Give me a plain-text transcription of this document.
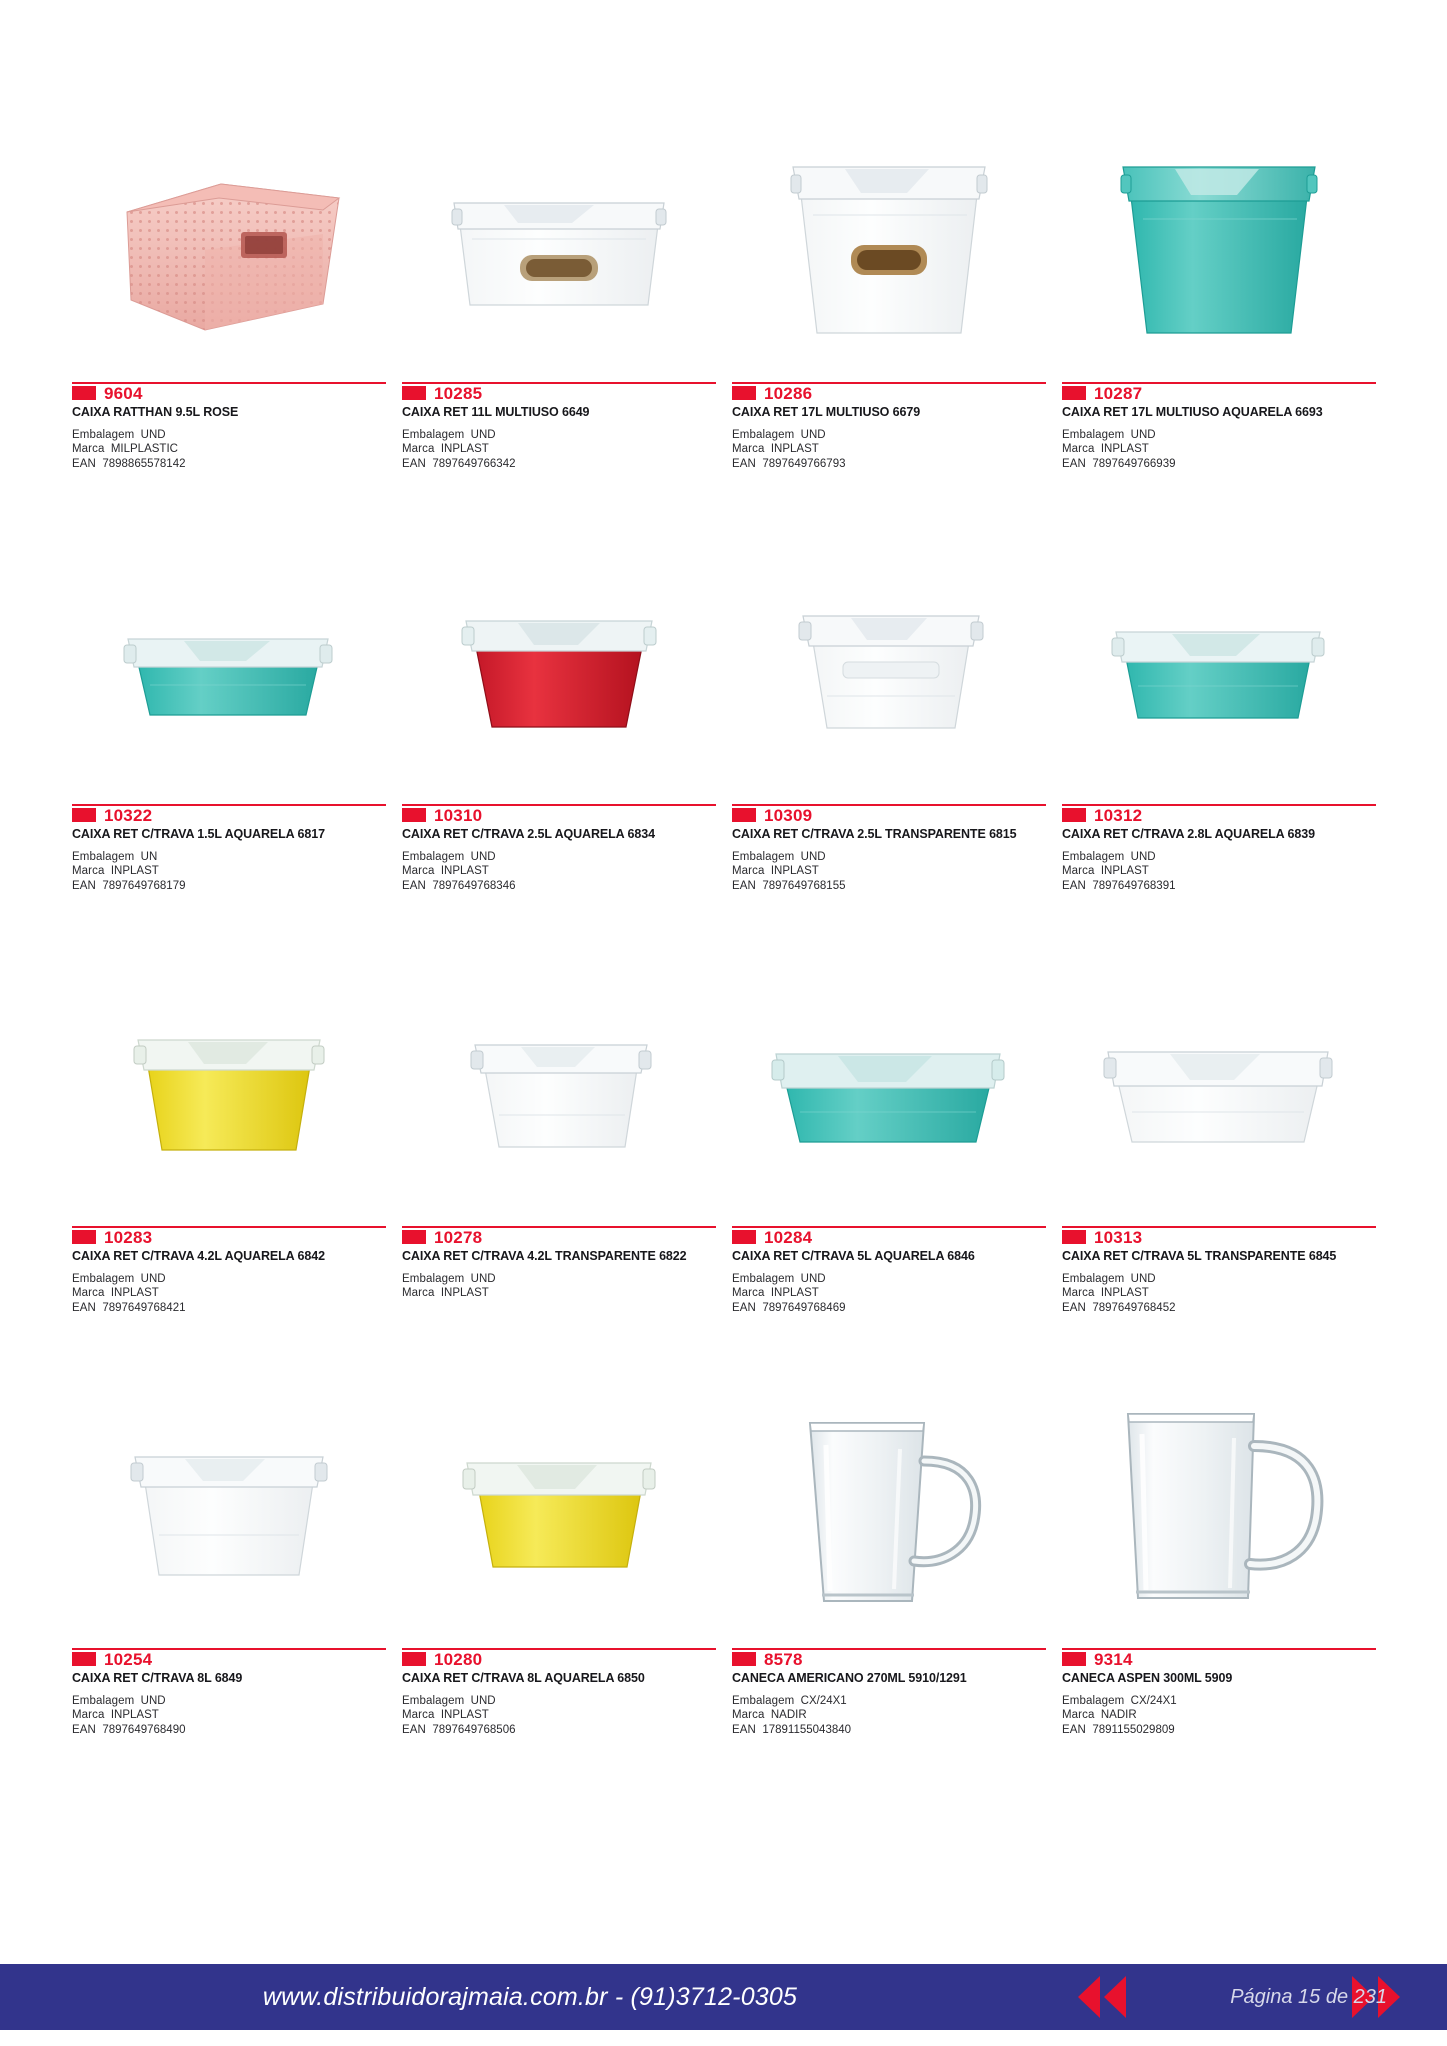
9604
CAIXA RATTHAN 9.5L ROSE
Embalagem UND
Marca MILPLASTIC
EAN 7898865578142
10285
CAIXA RET 11L MULTIUSO 6649
Embalagem UND
Marca INPLAST
EAN 7897649766342
10286
CAIXA RET 17L MULTIUSO 6679
Embalagem UND
Marca INPLAST
EAN 7897649766793
10287
CAIXA RET 17L MULTIUSO AQUARELA 6693
Embalagem UND
Marca INPLAST
EAN 7897649766939
10322
CAIXA RET C/TRAVA 1.5L AQUARELA 6817
Embalagem UN
Marca INPLAST
EAN 7897649768179
10310
CAIXA RET C/TRAVA 2.5L AQUARELA 6834
Embalagem UND
Marca INPLAST
EAN 7897649768346
10309
CAIXA RET C/TRAVA 2.5L TRANSPARENTE 6815
Embalagem UND
Marca INPLAST
EAN 7897649768155
10312
CAIXA RET C/TRAVA 2.8L AQUARELA 6839
Embalagem UND
Marca INPLAST
EAN 7897649768391
10283
CAIXA RET C/TRAVA 4.2L AQUARELA 6842
Embalagem UND
Marca INPLAST
EAN 7897649768421
10278
CAIXA RET C/TRAVA 4.2L TRANSPARENTE 6822
Embalagem UND
Marca INPLAST
10284
CAIXA RET C/TRAVA 5L AQUARELA 6846
Embalagem UND
Marca INPLAST
EAN 7897649768469
10313
CAIXA RET C/TRAVA 5L TRANSPARENTE 6845
Embalagem UND
Marca INPLAST
EAN 7897649768452
10254
CAIXA RET C/TRAVA 8L 6849
Embalagem UND
Marca INPLAST
EAN 7897649768490
10280
CAIXA RET C/TRAVA 8L AQUARELA 6850
Embalagem UND
Marca INPLAST
EAN 7897649768506
8578
CANECA AMERICANO 270ML 5910/1291
Embalagem CX/24X1
Marca NADIR
EAN 17891155043840
9314
CANECA ASPEN 300ML 5909
Embalagem CX/24X1
Marca NADIR
EAN 7891155029809
www.distribuidorajmaia.com.br - (91)3712-0305	Página 15 de 231
